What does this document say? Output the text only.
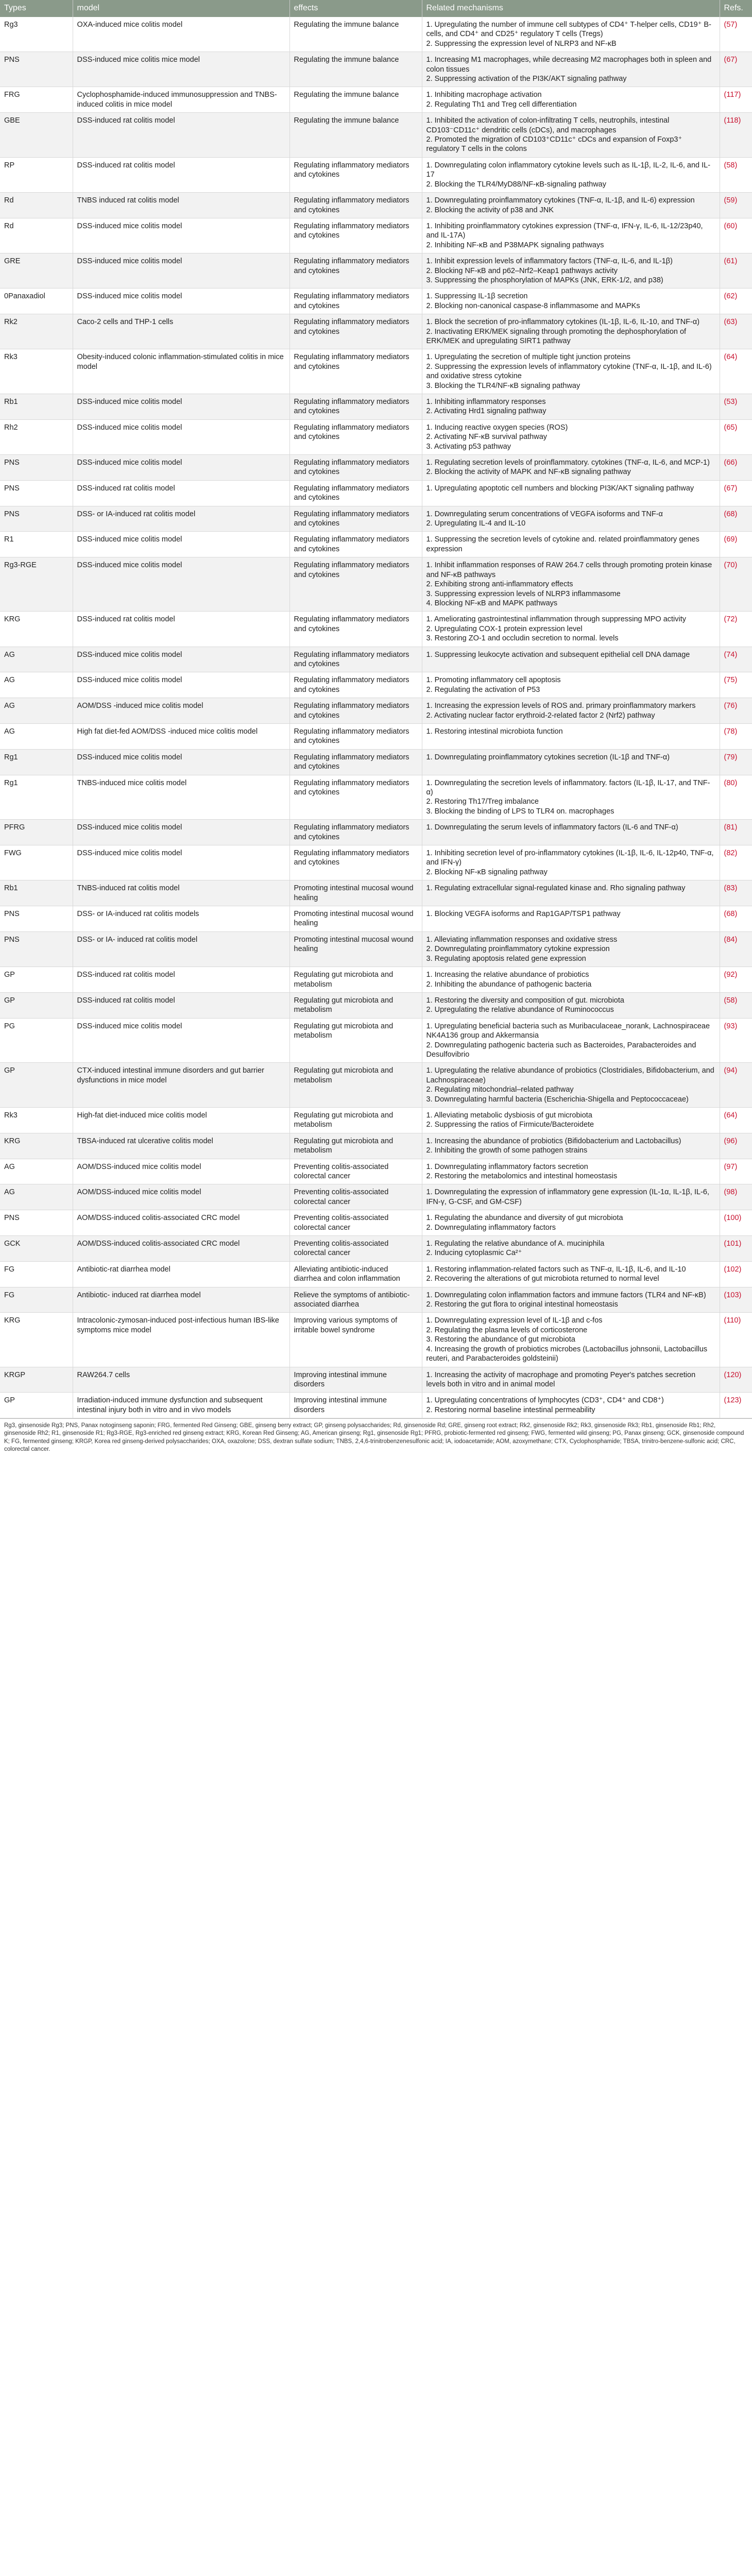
Types	model	effects	Related mechanisms	Refs.
Rg3	OXA-induced mice colitis model	Regulating the immune balance	1. Upregulating the number of immune cell subtypes of CD4⁺ T-helper cells, CD19⁺ B-cells, and CD4⁺ and CD25⁺ regulatory T cells (Tregs)
2. Suppressing the expression level of NLRP3 and NF-κB	(57)
PNS	DSS-induced mice colitis mice model	Regulating the immune balance	1. Increasing M1 macrophages, while decreasing M2 macrophages both in spleen and colon tissues
2. Suppressing activation of the PI3K/AKT signaling pathway	(67)
FRG	Cyclophosphamide-induced immunosuppression and TNBS-induced colitis in mice model	Regulating the immune balance	1. Inhibiting macrophage activation
2. Regulating Th1 and Treg cell differentiation	(117)
GBE	DSS-induced rat colitis model	Regulating the immune balance	1. Inhibited the activation of colon-infiltrating T cells, neutrophils, intestinal CD103⁻CD11c⁺ dendritic cells (cDCs), and macrophages
2. Promoted the migration of CD103⁺CD11c⁺ cDCs and expansion of Foxp3⁺ regulatory T cells in the colons	(118)
RP	DSS-induced rat colitis model	Regulating inflammatory mediators and cytokines	1. Downregulating colon inflammatory cytokine levels such as IL-1β, IL-2, IL-6, and IL-17
2. Blocking the TLR4/MyD88/NF-κB-signaling pathway	(58)
Rd	TNBS induced rat colitis model	Regulating inflammatory mediators and cytokines	1. Downregulating proinflammatory cytokines (TNF-α, IL-1β, and IL-6) expression
2. Blocking the activity of p38 and JNK	(59)
Rd	DSS-induced mice colitis model	Regulating inflammatory mediators and cytokines	1. Inhibiting proinflammatory cytokines expression (TNF-α, IFN-γ, IL-6, IL-12/23p40, and IL-17A)
2. Inhibiting NF-κB and P38MAPK signaling pathways	(60)
GRE	DSS-induced mice colitis model	Regulating inflammatory mediators and cytokines	1. Inhibit expression levels of inflammatory factors (TNF-α, IL-6, and IL-1β)
2. Blocking NF-κB and p62–Nrf2–Keap1 pathways activity
3. Suppressing the phosphorylation of MAPKs (JNK, ERK-1/2, and p38)	(61)
0Panaxadiol	DSS-induced mice colitis model	Regulating inflammatory mediators and cytokines	1. Suppressing IL-1β secretion
2. Blocking non-canonical caspase-8 inflammasome and MAPKs	(62)
Rk2	Caco-2 cells and THP-1 cells	Regulating inflammatory mediators and cytokines	1. Block the secretion of pro-inflammatory cytokines (IL-1β, IL-6, IL-10, and TNF-α)
2. Inactivating ERK/MEK signaling through promoting the dephosphorylation of ERK/MEK and upregulating SIRT1 pathway	(63)
Rk3	Obesity-induced colonic inflammation-stimulated colitis in mice model	Regulating inflammatory mediators and cytokines	1. Upregulating the secretion of multiple tight junction proteins
2. Suppressing the expression levels of inflammatory cytokine (TNF-α, IL-1β, and IL-6) and oxidative stress cytokine
3. Blocking the TLR4/NF-κB signaling pathway	(64)
Rb1	DSS-induced mice colitis model	Regulating inflammatory mediators and cytokines	1. Inhibiting inflammatory responses
2. Activating Hrd1 signaling pathway	(53)
Rh2	DSS-induced mice colitis model	Regulating inflammatory mediators and cytokines	1. Inducing reactive oxygen species (ROS)
2. Activating NF-κB survival pathway
3. Activating p53 pathway	(65)
PNS	DSS-induced mice colitis model	Regulating inflammatory mediators and cytokines	1. Regulating secretion levels of proinflammatory. cytokines (TNF-α, IL-6, and MCP-1)
2. Blocking the activity of MAPK and NF-κB signaling pathway	(66)
PNS	DSS-induced rat colitis model	Regulating inflammatory mediators and cytokines	1. Upregulating apoptotic cell numbers and blocking PI3K/AKT signaling pathway	(67)
PNS	DSS- or IA-induced rat colitis model	Regulating inflammatory mediators and cytokines	1. Downregulating serum concentrations of VEGFA isoforms and TNF-α
2. Upregulating IL-4 and IL-10	(68)
R1	DSS-induced mice colitis model	Regulating inflammatory mediators and cytokines	1. Suppressing the secretion levels of cytokine and. related proinflammatory genes expression	(69)
Rg3-RGE	DSS-induced mice colitis model	Regulating inflammatory mediators and cytokines	1. Inhibit inflammation responses of RAW 264.7 cells through promoting protein kinase and NF-κB pathways
2. Exhibiting strong anti-inflammatory effects
3. Suppressing expression levels of NLRP3 inflammasome
4. Blocking NF-κB and MAPK pathways	(70)
KRG	DSS-induced rat colitis model	Regulating inflammatory mediators and cytokines	1. Ameliorating gastrointestinal inflammation through suppressing MPO activity
2. Upregulating COX-1 protein expression level
3. Restoring ZO-1 and occludin secretion to normal. levels	(72)
AG	DSS-induced mice colitis model	Regulating inflammatory mediators and cytokines	1. Suppressing leukocyte activation and subsequent epithelial cell DNA damage	(74)
AG	DSS-induced mice colitis model	Regulating inflammatory mediators and cytokines	1. Promoting inflammatory cell apoptosis
2. Regulating the activation of P53	(75)
AG	AOM/DSS -induced mice colitis model	Regulating inflammatory mediators and cytokines	1. Increasing the expression levels of ROS and. primary proinflammatory markers
2. Activating nuclear factor erythroid-2-related factor 2 (Nrf2) pathway	(76)
AG	High fat diet-fed AOM/DSS -induced mice colitis model	Regulating inflammatory mediators and cytokines	1. Restoring intestinal microbiota function	(78)
Rg1	DSS-induced mice colitis model	Regulating inflammatory mediators and cytokines	1. Downregulating proinflammatory cytokines secretion (IL-1β and TNF-α)	(79)
Rg1	TNBS-induced mice colitis model	Regulating inflammatory mediators and cytokines	1. Downregulating the secretion levels of inflammatory. factors (IL-1β, IL-17, and TNF-α)
2. Restoring Th17/Treg imbalance
3. Blocking the binding of LPS to TLR4 on. macrophages	(80)
PFRG	DSS-induced mice colitis model	Regulating inflammatory mediators and cytokines	1. Downregulating the serum levels of inflammatory factors (IL-6 and TNF-α)	(81)
FWG	DSS-induced mice colitis model	Regulating inflammatory mediators and cytokines	1. Inhibiting secretion level of pro-inflammatory cytokines (IL-1β, IL-6, IL-12p40, TNF-α, and IFN-γ)
2. Blocking NF-κB signaling pathway	(82)
Rb1	TNBS-induced rat colitis model	Promoting intestinal mucosal wound healing	1. Regulating extracellular signal-regulated kinase and. Rho signaling pathway	(83)
PNS	DSS- or IA-induced rat colitis models	Promoting intestinal mucosal wound healing	1. Blocking VEGFA isoforms and Rap1GAP/TSP1 pathway	(68)
PNS	DSS- or IA- induced rat colitis model	Promoting intestinal mucosal wound healing	1. Alleviating inflammation responses and oxidative stress
2. Downregulating proinflammatory cytokine expression
3. Regulating apoptosis related gene expression	(84)
GP	DSS-induced rat colitis model	Regulating gut microbiota and metabolism	1. Increasing the relative abundance of probiotics
2. Inhibiting the abundance of pathogenic bacteria	(92)
GP	DSS-induced rat colitis model	Regulating gut microbiota and metabolism	1. Restoring the diversity and composition of gut. microbiota
2. Upregulating the relative abundance of Ruminococcus	(58)
PG	DSS-induced mice colitis model	Regulating gut microbiota and metabolism	1. Upregulating beneficial bacteria such as Muribaculaceae_norank, Lachnospiraceae NK4A136 group and Akkermansia
2. Downregulating pathogenic bacteria such as Bacteroides, Parabacteroides and Desulfovibrio	(93)
GP	CTX-induced intestinal immune disorders and gut barrier dysfunctions in mice model	Regulating gut microbiota and metabolism	1. Upregulating the relative abundance of probiotics (Clostridiales, Bifidobacterium, and Lachnospiraceae)
2. Regulating mitochondrial–related pathway
3. Downregulating harmful bacteria (Escherichia-Shigella and Peptococcaceae)	(94)
Rk3	High-fat diet-induced mice colitis model	Regulating gut microbiota and metabolism	1. Alleviating metabolic dysbiosis of gut microbiota
2. Suppressing the ratios of Firmicute/Bacteroidete	(64)
KRG	TBSA-induced rat ulcerative colitis model	Regulating gut microbiota and metabolism	1. Increasing the abundance of probiotics (Bifidobacterium and Lactobacillus)
2. Inhibiting the growth of some pathogen strains	(96)
AG	AOM/DSS-induced mice colitis model	Preventing colitis-associated colorectal cancer	1. Downregulating inflammatory factors secretion
2. Restoring the metabolomics and intestinal homeostasis	(97)
AG	AOM/DSS-induced mice colitis model	Preventing colitis-associated colorectal cancer	1. Downregulating the expression of inflammatory gene expression (IL-1α, IL-1β, IL-6, IFN-γ, G-CSF, and GM-CSF)	(98)
PNS	AOM/DSS-induced colitis-associated CRC model	Preventing colitis-associated colorectal cancer	1. Regulating the abundance and diversity of gut microbiota
2. Downregulating inflammatory factors	(100)
GCK	AOM/DSS-induced colitis-associated CRC model	Preventing colitis-associated colorectal cancer	1. Regulating the relative abundance of A. muciniphila
2. Inducing cytoplasmic Ca²⁺	(101)
FG	Antibiotic-rat diarrhea model	Alleviating antibiotic-induced diarrhea and colon inflammation	1. Restoring inflammation-related factors such as TNF-α, IL-1β, IL-6, and IL-10
2. Recovering the alterations of gut microbiota returned to normal level	(102)
FG	Antibiotic- induced rat diarrhea model	Relieve the symptoms of antibiotic-associated diarrhea	1. Downregulating colon inflammation factors and immune factors (TLR4 and NF-κB)
2. Restoring the gut flora to original intestinal homeostasis	(103)
KRG	Intracolonic-zymosan-induced post-infectious human IBS-like symptoms mice model	Improving various symptoms of irritable bowel syndrome	1. Downregulating expression level of IL-1β and c-fos
2. Regulating the plasma levels of corticosterone
3. Restoring the abundance of gut microbiota
4. Increasing the growth of probiotics microbes (Lactobacillus johnsonii, Lactobacillus reuteri, and Parabacteroides goldsteinii)	(110)
KRGP	RAW264.7 cells	Improving intestinal immune disorders	1. Increasing the activity of macrophage and promoting Peyer's patches secretion levels both in vitro and in animal model	(120)
GP	Irradiation-induced immune dysfunction and subsequent intestinal injury both in vitro and in vivo models	Improving intestinal immune disorders	1. Upregulating concentrations of lymphocytes (CD3⁺, CD4⁺ and CD8⁺)
2. Restoring normal baseline intestinal permeability	(123)
Rg3, ginsenoside Rg3; PNS, Panax notoginseng saponin; FRG, fermented Red Ginseng; GBE, ginseng berry extract; GP, ginseng polysaccharides; Rd, ginsenoside Rd; GRE, ginseng root extract; Rk2, ginsenoside Rk2; Rk3, ginsenoside Rk3; Rb1, ginsenoside Rb1; Rh2, ginsenoside Rh2; R1, ginsenoside R1; Rg3-RGE, Rg3-enriched red ginseng extract; KRG, Korean Red Ginseng; AG, American ginseng; Rg1, ginsenoside Rg1; PFRG, probiotic-fermented red ginseng; FWG, fermented wild ginseng; PG, Panax ginseng; GCK, ginsenoside compound K; FG, fermented ginseng; KRGP, Korea red ginseng-derived polysaccharides; OXA, oxazolone; DSS, dextran sulfate sodium; TNBS, 2,4,6-trinitrobenzenesulfonic acid; IA, iodoacetamide; AOM, azoxymethane; CTX, Cyclophosphamide; TBSA, trinitro-benzene-sulfonic acid; CRC, colorectal cancer.
